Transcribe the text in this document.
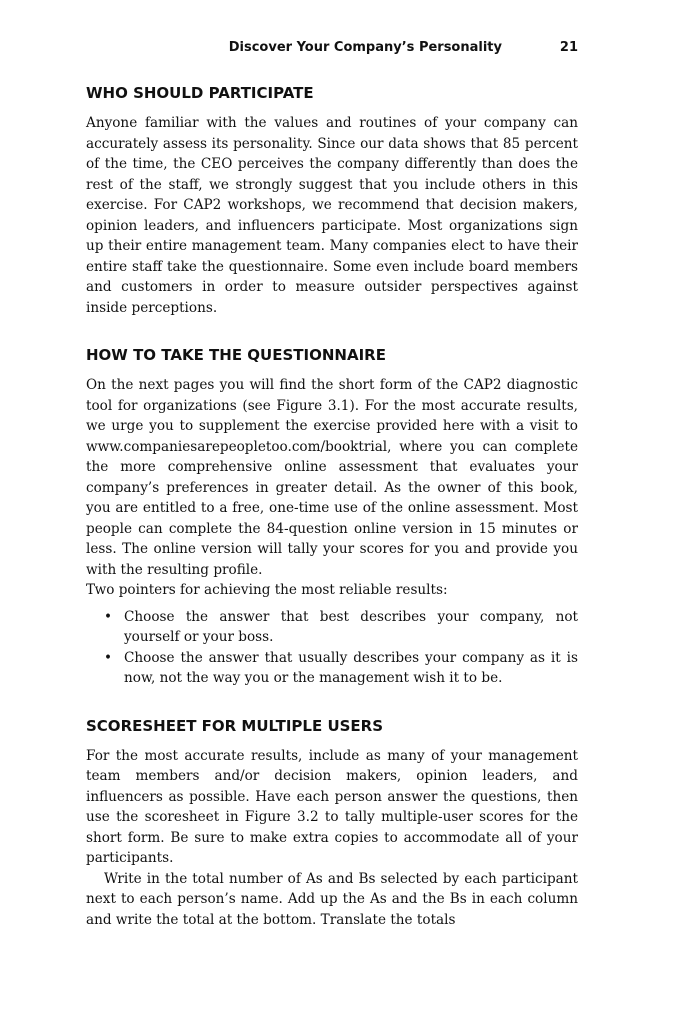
Discover Your Company’s Personality	21
WHO SHOULD PARTICIPATE

Anyone familiar with the values and routines of your company can accurately assess its personality. Since our data shows that 85 percent of the time, the CEO perceives the company differently than does the rest of the staff, we strongly suggest that you include others in this exercise. For CAP2 workshops, we recommend that decision makers, opinion leaders, and influencers participate. Most organizations sign up their entire management team. Many companies elect to have their entire staff take the questionnaire. Some even include board members and customers in order to measure outsider perspectives against inside perceptions.

HOW TO TAKE THE QUESTIONNAIRE

On the next pages you will find the short form of the CAP2 diagnostic tool for organizations (see Figure 3.1). For the most accurate results, we urge you to supplement the exercise provided here with a visit to www.companiesarepeopletoo.com/booktrial, where you can complete the more comprehensive online assessment that evaluates your company’s preferences in greater detail. As the owner of this book, you are entitled to a free, one-time use of the online assessment. Most people can complete the 84-question online version in 15 minutes or less. The online version will tally your scores for you and provide you with the resulting profile.

Two pointers for achieving the most reliable results:

• Choose the answer that best describes your company, not yourself or your boss.
• Choose the answer that usually describes your company as it is now, not the way you or the management wish it to be.
SCORESHEET FOR MULTIPLE USERS

For the most accurate results, include as many of your management team members and/or decision makers, opinion leaders, and influencers as possible. Have each person answer the questions, then use the scoresheet in Figure 3.2 to tally multiple-user scores for the short form. Be sure to make extra copies to accommodate all of your participants.

Write in the total number of As and Bs selected by each participant next to each person’s name. Add up the As and the Bs in each column and write the total at the bottom. Translate the totals
